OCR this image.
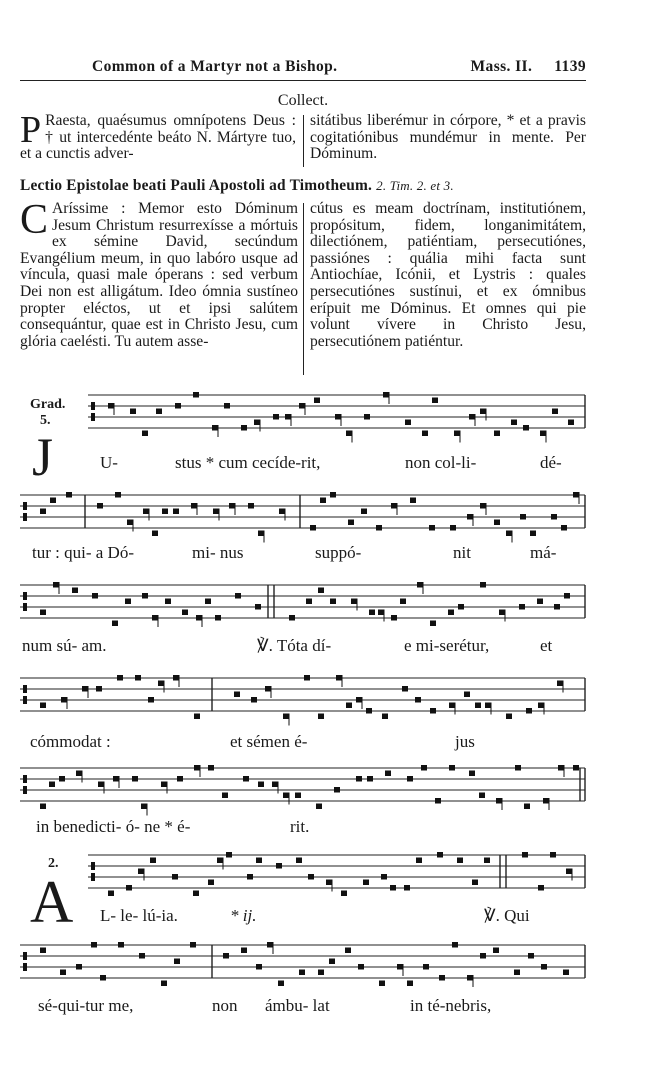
Common of a Martyr not a Bishop.	Mass. II. 1139
Collect.
P Raesta, quaésumus omnípotens Deus : † ut intercedénte beáto N. Mártyre tuo, et a cunctis adver-
sitátibus liberémur in córpore, * et a pravis cogitatiónibus mundémur in mente. Per Dóminum.
Lectio Epistolae beati Pauli Apostoli ad Timotheum. 2. Tim. 2. et 3.
C Aríssime : Memor esto Dóminum Jesum Christum resurrexísse a mórtuis ex sémine David, secúndum Evangélium meum, in quo labóro usque ad víncula, quasi male óperans : sed verbum Dei non est alligátum. Ideo ómnia sustíneo propter eléctos, ut et ipsi salútem consequántur, quae est in Christo Jesu, cum glória caelésti. Tu autem asse-
cútus es meam doctrínam, institutiónem, propósitum, fidem, longanimitátem, dilectiónem, patiéntiam, persecutiónes, passiónes : quália mihi facta sunt Antiochíae, Icónii, et Lystris : quales persecutiónes sustínui, et ex ómnibus erípuit me Dóminus. Et omnes qui pie volunt vívere in Christo Jesu, persecutiónem patiéntur.
Grad.
5.
J	U-	stus * cum cecíde-rit,	non col-li-	dé-
tur : qui- a Dó-	mi- nus	suppó-	nit	má-
num sú- am.	℣. Tóta dí-	e mi-serétur,	et
cómmodat :	et sémen é-	jus
in benedicti- ó- ne * é-	rit.
2.
A L- le- lú-ia.	* ij.	℣. Qui
sé-qui-tur me,	non ámbu- lat	in té-nebris,
